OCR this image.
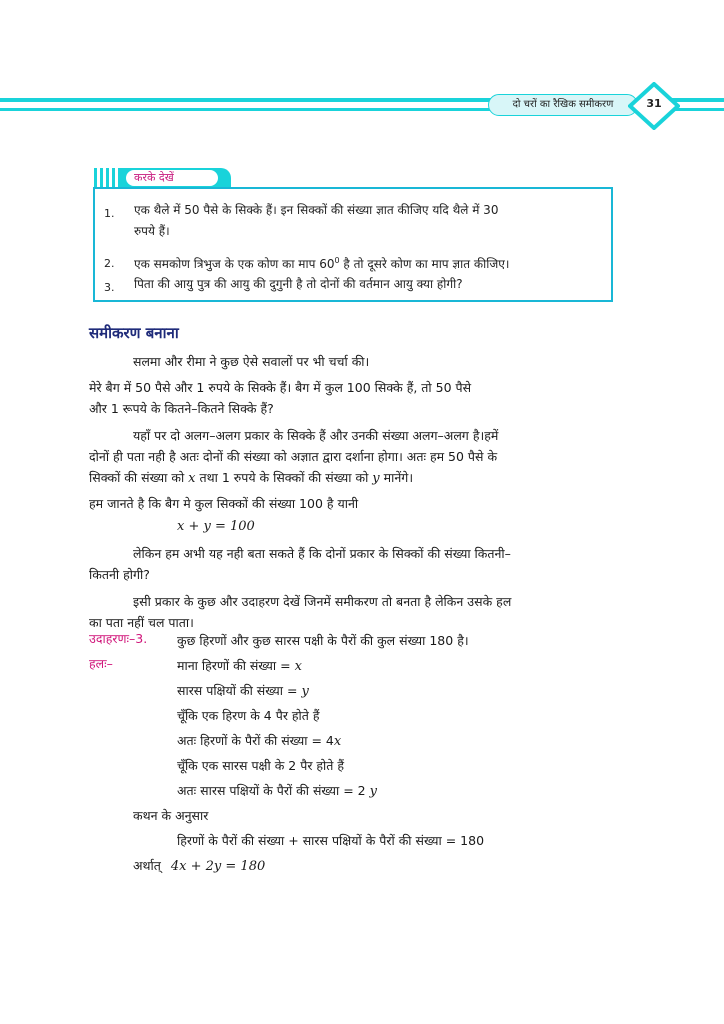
दो चरों का रैखिक समीकरण	31
करके देखें
1. एक थैले में 50 पैसे के सिक्के हैं। इन सिक्कों की संख्या ज्ञात कीजिए यदि थैले में 30
रुपये हैं।
2. एक समकोण त्रिभुज के एक कोण का माप $60^0$ है तो दूसरे कोण का माप ज्ञात कीजिए।
3. पिता की आयु पुत्र की आयु की दुगुनी है तो दोनों की वर्तमान आयु क्या होगी?
समीकरण बनाना
सलमा और रीमा ने कुछ ऐसे सवालों पर भी चर्चा की।
मेरे बैग में 50 पैसे और 1 रुपये के सिक्के हैं। बैग में कुल 100 सिक्के हैं, तो 50 पैसे
और 1 रूपये के कितने–कितने सिक्के हैं?
यहाँ पर दो अलग–अलग प्रकार के सिक्के हैं और उनकी संख्या अलग–अलग है।हमें
दोनों ही पता नही है अतः दोनों की संख्या को अज्ञात द्वारा दर्शाना होगा। अतः हम 50 पैसे के
सिक्कों की संख्या को x तथा 1 रुपये के सिक्कों की संख्या को y मानेंगे।
हम जानते है कि बैग मे कुल सिक्कों की संख्या 100 है यानी
x + y = 100
लेकिन हम अभी यह नही बता सकते हैं कि दोनों प्रकार के सिक्कों की संख्या कितनी–
कितनी होगी?
इसी प्रकार के कुछ और उदाहरण देखें जिनमें समीकरण तो बनता है लेकिन उसके हल
का पता नहीं चल पाता।
उदाहरणः–3. कुछ हिरणों और कुछ सारस पक्षी के पैरों की कुल संख्या 180 है।
हलः–	माना हिरणों की संख्या = x
सारस पक्षियों की संख्या = y
चूँकि एक हिरण के 4 पैर होते हैं
अतः हिरणों के पैरों की संख्या = 4x
चूँकि एक सारस पक्षी के 2 पैर होते हैं
अतः सारस पक्षियों के पैरों की संख्या = 2 y
कथन के अनुसार
हिरणों के पैरों की संख्या + सारस पक्षियों के पैरों की संख्या = 180
अर्थात् 4x + 2y = 180
